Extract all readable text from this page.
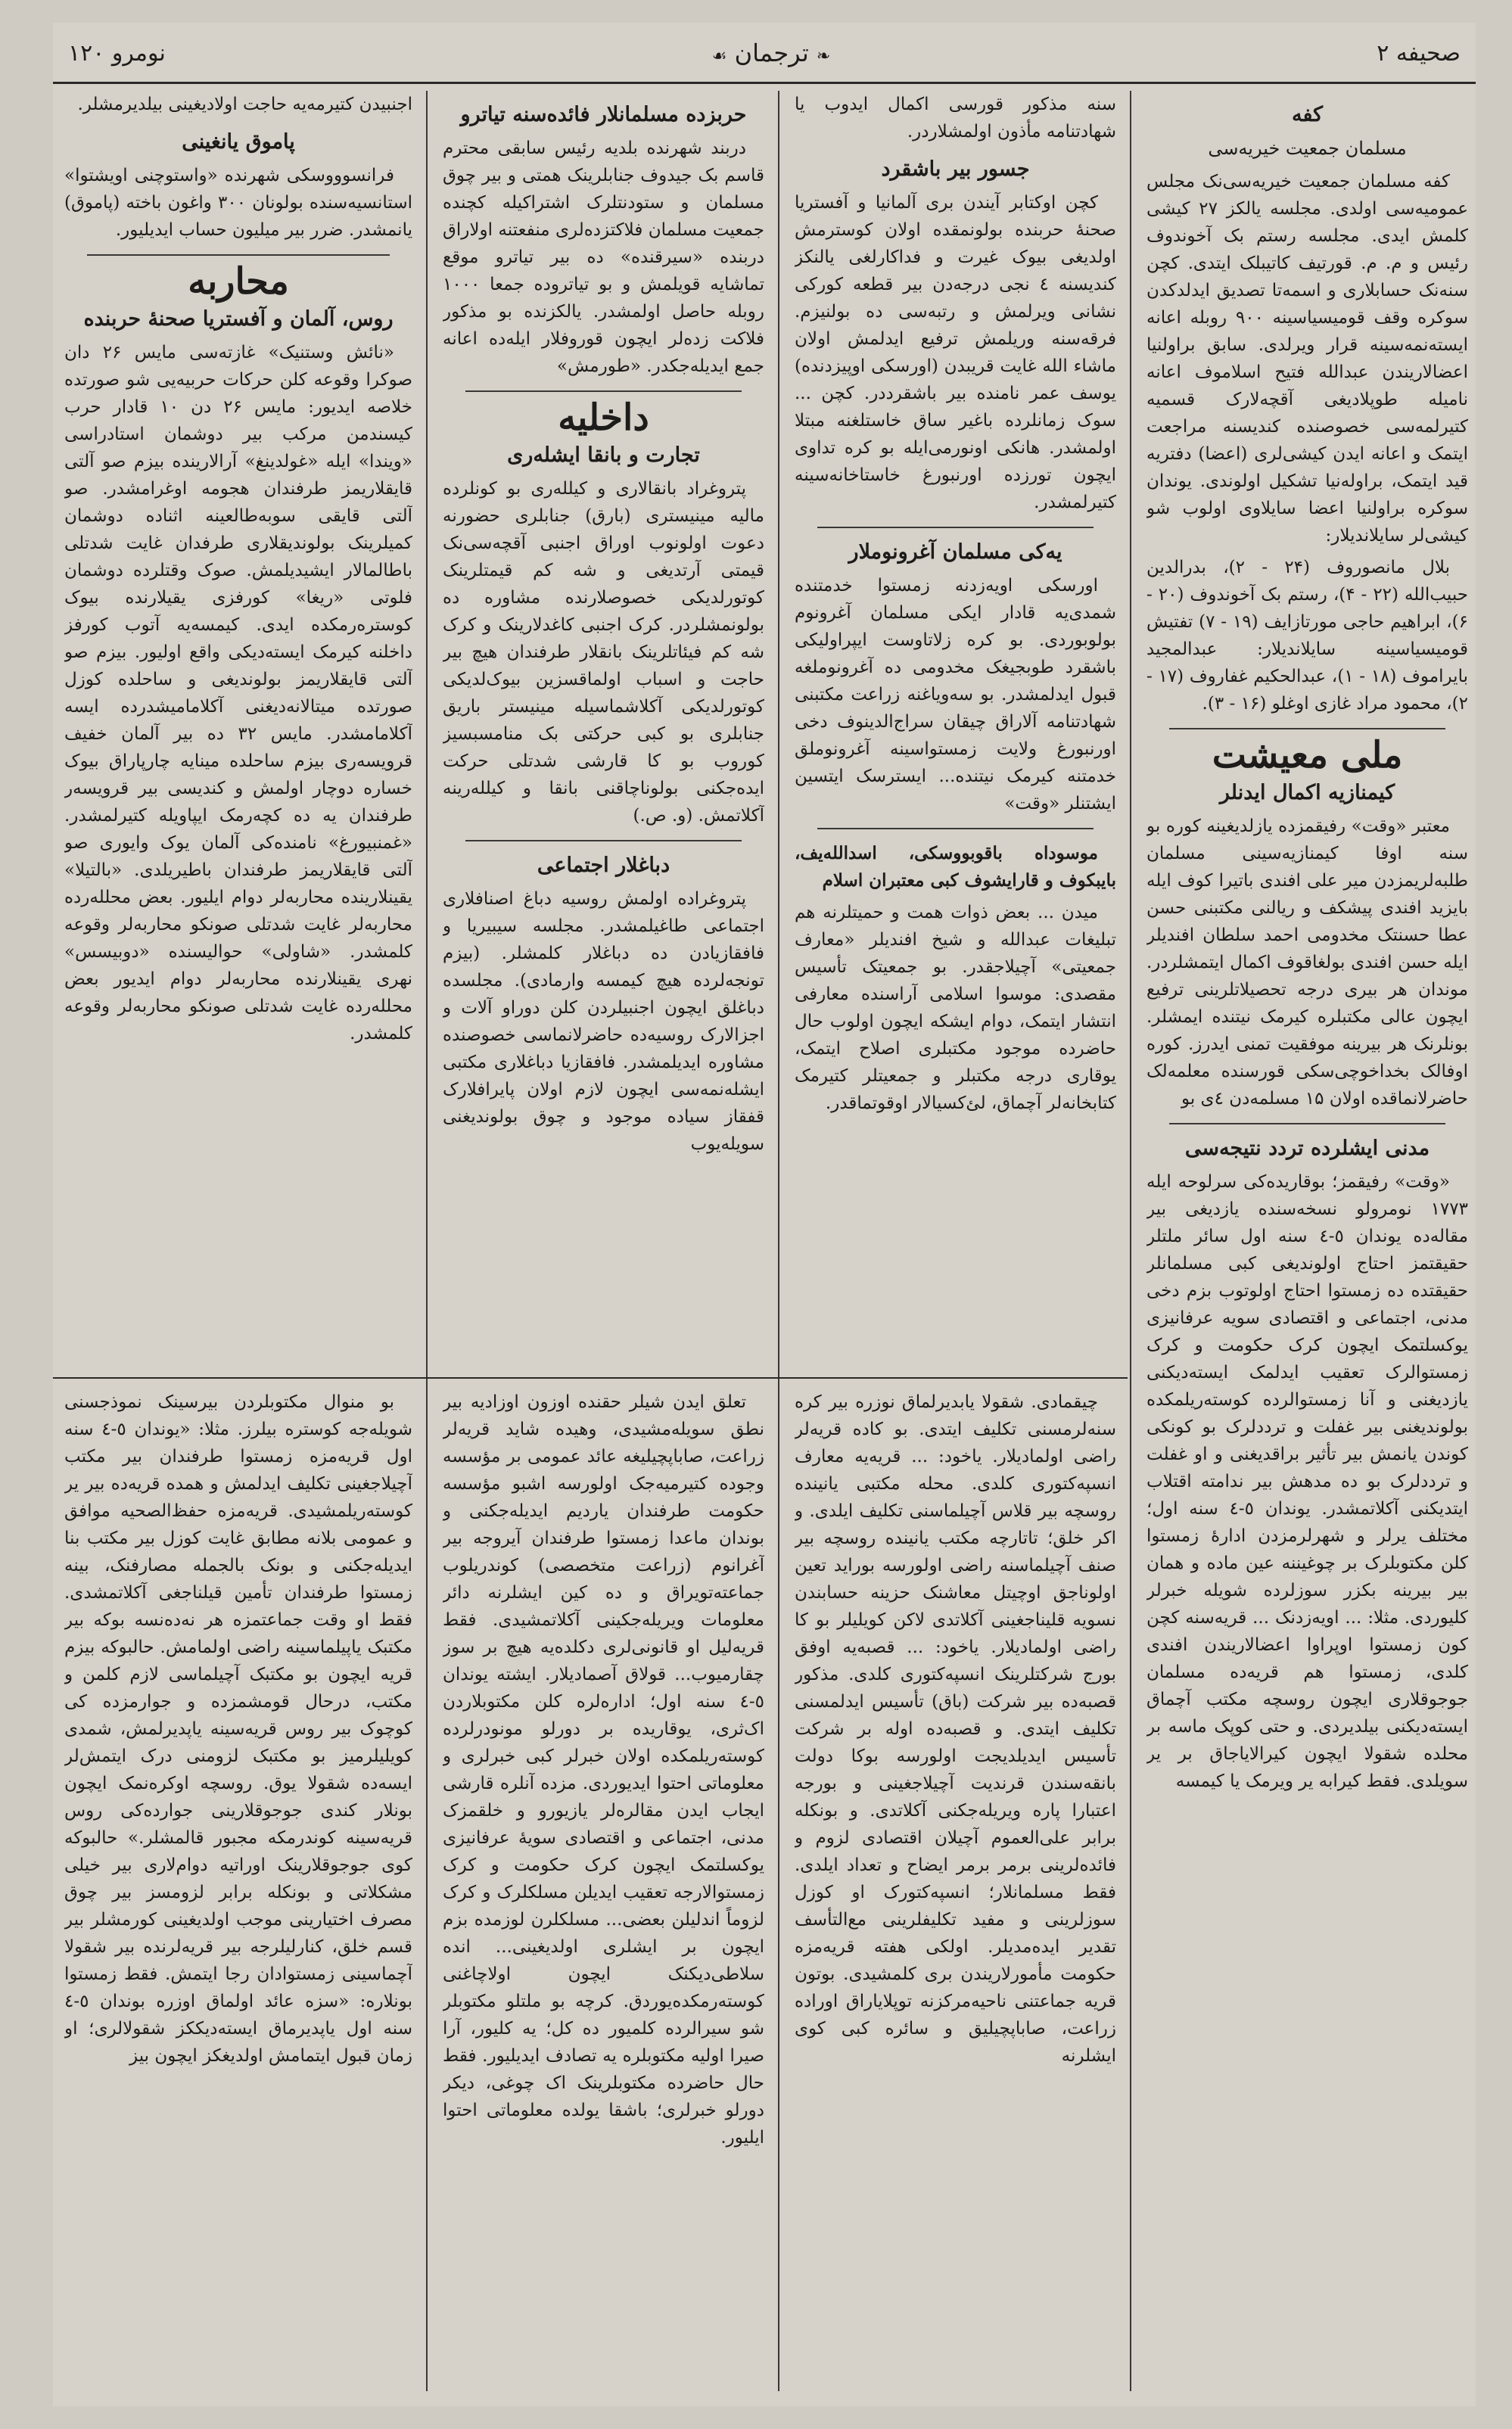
صحیفه ۲
❧ ترجمان ☙
نومرو ۱۲۰
کفه
مسلمان جمعیت خیریه‌سی

کفه مسلمان جمعیت خیریه‌سی‌نک مجلس عمومیه‌سی اولدی. مجلسه یالکز ۲۷ کیشی کلمش ایدی. مجلسه رستم بک آخوندوف رئیس و م. م. قورتیف کاتیبلک ایتدی. کچن سنه‌نک حسابلاری و اسمه‌تا تصدیق ایدلدکدن سوکره وقف قومیسیاسینه ۹۰۰ روبله اعانه ایسته‌نمه‌سینه قرار ویرلدی. سابق براولنیا اعضالاریندن عبدالله فتیح اسلاموف اعانه نامیله طوپلادیغی آقچه‌لارک قسمیه کتیرلمه‌سی خصوصنده کندیسنه مراجعت ایتمک و اعانه ایدن کیشی‌لری (اعضا) دفتریه قید ایتمک، براوله‌نیا تشکیل اولوندی. یوندان سوکره براولنیا اعضا سایلاوی اولوب شو کیشی‌لر سایلاندیلار:

بلال مانصوروف (۲۴ - ۲)، بدرالدین حبیب‌الله (۲۲ - ۴)، رستم بک آخوندوف (۲۰ - ۶)، ابراهیم حاجی مورتازایف (۱۹ - ۷) تفتیش قومیسیاسینه سایلاندیلار: عبدالمجید بایراموف (۱۸ - ۱)، عبدالحکیم غفاروف (۱۷ - ۲)، محمود مراد غازی اوغلو (۱۶ - ۳).

ملی معیشت
کیمنازیه اکمال ایدنلر

معتبر «وقت» رفیقمزده یازلدیغینه کوره بو سنه اوفا کیمنازیه‌سینی مسلمان طلبه‌لریمزدن میر علی افندی باتیرا کوف ایله بایزید افندی پیشکف و ریالنی مکتبنی حسن عطا حسنتک مخدومی احمد سلطان افندیلر ایله حسن افندی بولغاقوف اکمال ایتمشلردر. موندان هر بیری درجه تحصیلاتلرینی ترفیع ایچون عالی مکتبلره کیرمک نیتنده ایمشلر. بونلرنک هر بیرینه موفقیت تمنی ایدرز. کوره اوفالک بخداخوچی‌سکی قورسنده معلمه‌لک حاضرلانماقده اولان ۱۵ مسلمه‌دن ٤ی بو

مدنی ایشلرده تردد نتیجه‌سی

«وقت» رفیقمز؛ بوقاریده‌کی سرلوحه ایله ۱۷۷۳ نومرولو نسخه‌سنده یازدیغی بیر مقاله‌ده یوندان ٥-٤ سنه اول سائر ملتلر حقیقتمز احتاج اولوندیغی کبی مسلمانلر حقیقتده ده زمستوا احتاج اولوتوب بزم دخی مدنی، اجتماعی و اقتصادی سویه عرفانیزی یوکسلتمک ایچون کرک حکومت و کرک زمستوالرک تعقیب ایدلمک ایسته‌دیکنی یازدیغنی و آنا زمستوالرده کوسته‌ریلمکده بولوندیغنی بیر غفلت و ترددلرک بو کونکی کوندن یانمش بیر تأثیر براقدیغنی و او غفلت و ترددلرک بو ده مدهش بیر ندامته اقتلاب ایتدیکنی آکلاتمشدر. یوندان ٥-٤ سنه اول؛ مختلف یرلر و شهرلرمزدن ادارهٔ زمستوا کلن مکتوبلرک بر چوغیننه عین ماده و همان بیر بیرینه بکزر سوزلرده شویله خبرلر کلیوردی. مثلا: ... اویه‌زدنک ... قریه‌سنه کچن کون زمستوا اوپراوا اعضالاریندن افندی کلدی، زمستوا هم قریه‌ده مسلمان جوجوقلاری ایچون روسچه مکتب آچماق ایسته‌دیکنی بیلدیردی. و حتی کوپک ماسه بر محلده شقولا ایچون کیرالایاجاق بر یر سویلدی. فقط کیرابه یر ویرمک یا کیمسه

سنه مذکور قورسی اکمال ایدوب یا شهادتنامه مأذون اولمشلاردر.

جسور بیر باشقرد

کچن اوکتابر آیندن بری آلمانیا و آفستریا صحنهٔ حربنده بولونمقده اولان کوسترمش اولدیغی بیوک غیرت و فداکارلغی یالنکز کندیسنه ٤ نجی درجه‌دن بیر قطعه کورکی نشانی ویرلمش و رتبه‌سی ده بولنیزم. فرقه‌سنه وریلمش ترفیع ایدلمش اولان ماشاء الله غایت قریبدن (اورسکی اوپیزدنده) یوسف عمر نامنده بیر باشقرددر. کچن ... سوک زمانلرده باغیر ساق خاستلغنه مبتلا اولمشدر. هانکی اونورمی‌ایله بو کره تداوی ایچون تورزده اورنبورغ خاستاخانه‌سینه کتیرلمشدر.

یه‌کی مسلمان آغرونوملار

اورسکی اویه‌زدنه زمستوا خدمتنده شمدی‌یه قادار ایکی مسلمان آغرونوم بولوبوردی. بو کره زلاتاوست ایپراولیکی باشقرد طوبجیغک مخدومی ده آغرونوملغه قبول ایدلمشدر. بو سه‌ویاغنه زراعت مکتبنی شهادتنامه آلاراق چیقان سراج‌الدینوف دخی اورنبورغ ولایت زمستواسینه آغرونوملق خدمتنه کیرمک نیتنده... ایسترسک ایتسین ایشتنلر «وقت»

موسوداه باقوبووسکی، اسدالله‌یف، بایبکوف و قارایشوف کبی معتبران اسلام

میدن ... بعض ذوات همت و حمیتلرنه هم تبلیغات عبدالله و شیخ افندیلر «معارف جمعیتی» آچیلاجقدر. بو جمعیتک تأسیس مقصدی: موسوا اسلامی آراسنده معارفی انتشار ایتمک، دوام ایشکه ایچون اولوب حال حاضرده موجود مکتبلری اصلاح ایتمک، یوقاری درجه مکتبلر و جمعیتلر کتیرمک کتابخانه‌لر آچماق، لئ‌کسیالار اوقوتماقدر.

حربزده مسلمانلار فائده‌سنه تیاترو

دربند شهرنده بلدیه رئیس سابقی محترم قاسم بک جیدوف جنابلرینک همتی و بیر چوق مسلمان و ستودنتلرک اشتراکیله کچنده جمعیت مسلمان فلاکتزده‌لری منفعتنه اولاراق دربنده «سیرقنده» ده بیر تیاترو موقع تماشایه قویلمش و بو تیاتروده جمعا ۱۰۰۰ روبله حاصل اولمشدر. یالکزنده بو مذکور فلاکت زده‌لر ایچون قوروفلار ایله‌ده اعانه جمع ایدیله‌جکدر. «طورمش»

داخلیه
تجارت و بانقا ایشله‌ری

پتروغراد بانقالاری و کیلله‌ری بو کونلرده مالیه مینیستری (بارق) جنابلری حضورنه دعوت اولونوب اوراق اجنبی آقچه‌سی‌نک قیمتی آرتدیغی و شه کم قیمتلرینک کوتورلدیکی خصوصلارنده مشاوره ده بولونمشلردر. کرک اجنبی کاغدلارینک و کرک شه کم فیئاتلرینک بانقلار طرفندان هیچ بیر حاجت و اسباب اولماقسزین بیوک‌لدیکی کوتورلدیکی آکلاشماسیله مینیستر باریق جنابلری بو کبی حرکتی بک منامسبسیز کوروب بو کا قارشی شدتلی حرکت ایده‌جکنی بولوناچاقنی بانقا و کیلله‌رینه آکلاتمش. (و. ص.)

دباغلار اجتماعی

پتروغراده اولمش روسیه دباغ اصنافلاری اجتماعی طاغیلمشدر. مجلسه سیبیریا و فافقازیادن ده دباغلار کلمشلر. (بیزم تونجه‌لرده هیچ کیمسه وارمادی). مجلسده دباغلق ایچون اجنبیلردن کلن دوراو آلات و اجزالارک روسیه‌ده حاضرلانماسی خصوصنده مشاوره ایدیلمشدر. فافقازیا دباغلاری مکتبی ایشله‌نمه‌سی ایچون لازم اولان پایرافلارک قفقاز سیاده موجود و چوق بولوندیغنی سویله‌یوب

اجنبیدن کتیرمه‌یه حاجت اولادیغینی بیلدیرمشلر.

پاموق یانغینی

فرانسوووسکی شهرنده «واستوچنی اویشتوا» استانسیه‌سنده بولونان ۳۰۰ واغون باخته (پاموق) یانمشدر. ضرر بیر میلیون حساب ایدیلیور.

محاربه
روس، آلمان و آفستریا صحنهٔ حربنده

«نائش وستنیک» غازته‌سی مایس ۲۶ دان صوکرا وقوعه کلن حرکات حربیه‌یی شو صورتده خلاصه ایدیور: مایس ۲۶ دن ۱۰ قادار حرب کیسندمن مرکب بیر دوشمان استادراسی «ویندا» ایله «غولدینغ» آرالارینده بیزم صو آلتی قایقلاریمز طرفندان هجومه اوغرامشدر. صو آلتی قایقی سوبه‌طالعینه اثناده دوشمان کمیلرینک بولوندیقلاری طرفدان غایت شدتلی باطالمالار ایشیدیلمش. صوک وقتلرده دوشمان فلوتی «ریغا» کورفزی یقیلارنده بیوک کوستره‌رمکده ایدی. کیمسه‌یه آتوب کورفز داخلنه کیرمک ایسته‌دیکی واقع اولیور. بیزم صو آلتی قایقلاریمز بولوندیغی و ساحلده کوزل صورتده میتالانه‌دیغنی آکلامامیشدرده ایسه آکلامامشدر. مایس ۳۲ ده بیر آلمان خفیف قرویسه‌ری بیزم ساحلده مینایه چارپاراق بیوک خساره دوچار اولمش و کندیسی بیر قرویسه‌ر طرفندان یه ده کچه‌رمک ایپاویله کتیرلمشدر. «غمنبیورغ» نامنده‌کی آلمان یوک وایوری صو آلتی قایقلاریمز طرفندان باطیریلدی. «بالتیلا» یقینلارینده محاربه‌لر دوام ایلیور. بعض محلله‌رده محاربه‌لر غایت شدتلی صونکو محاربه‌لر وقوعه کلمشدر. «شاولی» حوالیسنده «دوبیسس» نهری یقینلارنده محاربه‌لر دوام ایدیور بعض محلله‌رده غایت شدتلی صونکو محاربه‌لر وقوعه کلمشدر.

چیقمادی. شقولا یابدیرلماق نوزره بیر کره سنه‌لرمسنی تکلیف ایتدی. بو کاده قریه‌لر راضی اولمادیلار. یاخود: ... قریه‌یه معارف انسپه‌کتوری کلدی. محله مکتبی یانینده روسچه بیر قلاس آچیلماسنی تکلیف ایلدی. و اکر خلق؛ تاتارچه مکتب یانینده روسچه بیر صنف آچیلماسنه راضی اولورسه بوراید تعین اولوناجق اوچیتل معاشنک حزینه حسابندن نسویه قلیناجغینی آکلاتدی لاکن کویلیلر بو کا راضی اولمادیلار. یاخود: ... قصبه‌یه اوفق بورج شرکتلرینک انسپه‌کتوری کلدی. مذکور قصبه‌ده بیر شرکت (باق) تأسیس ایدلمسنی تکلیف ایتدی. و قصبه‌ده اوله بر شرکت تأسیس ایدیلدیجت اولورسه بوکا دولت بانقه‌سندن قرندیت آچیلاجغینی و بورجه اعتبارا پاره ویریله‌جکنی آکلاتدی. و بونکله برابر علی‌العموم آچیلان اقتصادی لزوم و فائده‌لرینی برمر برمر ایضاح و تعداد ایلدی. فقط مسلمانلار؛ انسپه‌کتورک او کوزل سوزلرینی و مفید تکلیفلرینی مع‌التأسف تقدیر ایده‌مدیلر. اولکی هفته قریه‌مزه حکومت مأمورلاریندن بری کلمشیدی. بوتون قریه جماعتنی ناحیه‌مرکزنه توپلایاراق اوراده زراعت، صاباپچیلیق و سائره کبی کوی ایشلرنه

تعلق ایدن شیلر حقنده اوزون اوزادیه بیر نطق سویله‌مشیدی، وهیده شاید قریه‌لر زراعت، صاباپچیلیغه عائد عمومی بر مؤسسه وجوده کتیرمیه‌جک اولورسه اشبو مؤسسه حکومت طرفندان یاردیم ایدیله‌جکنی و بوندان ماعدا زمستوا طرفندان آیروجه بیر آغرانوم (زراعت متخصصی) کوندریلوب جماعته‌تویراق و ده کین ایشلرنه دائر معلومات ویریله‌جکینی آکلاتمشیدی. فقط قریه‌لیل او قانونی‌لری دکلده‌یه هیچ بر سوز چقارمیوب... قولاق آصمادیلار. ایشته یوندان ٥-٤ سنه اول؛ اداره‌لره کلن مکتوبلاردن اک‌ثری، یوقاریده بر دورلو مونودرلرده کوسته‌ریلمکده اولان خبرلر کبی خبرلری و معلوماتی احتوا ایدیوردی. مزده آنلره قارشی ایجاب ایدن مقالره‌لر یازیورو و خلقمزک مدنی، اجتماعی و اقتصادی سویهٔ عرفانیزی یوکسلتمک ایچون کرک حکومت و کرک زمستوالارجه تعقیب ایدیلن مسلکلرک و کرک لزوماً اندلیلن بعضی... مسلکلرن لوزمده بزم ایچون بر ایشلری اولدیغینی... انده سلاطی‌دیکنک ایچون اولاچاغنی کوسته‌رمکده‌یوردق. کرچه بو ملتلو مکتوبلر شو سیرالرده کلمیور ده کل؛ یه کلیور، آرا صیرا اولیه مکتوبلره یه تصادف ایدیلیور. فقط حال حاضرده مکتوبلرینک اک چوغی، دیکر دورلو خبرلری؛ باشقا یولده معلوماتی احتوا ایلیور.

بو منوال مکتوبلردن بیرسینک نموذجسنی شویله‌جه کوستره بیلرز. مثلا: «یوندان ٥-٤ سنه اول قریه‌مزه زمستوا طرفندان بیر مکتب آچیلاجغینی تکلیف ایدلمش و همده قریه‌ده بیر یر کوسته‌ریلمشیدی. قریه‌مزه حفظ‌الصحیه موافق و عمومی بلانه مطابق غایت کوزل بیر مکتب بنا ایدیله‌جکنی و بونک بالجمله مصارفنک، بینه زمستوا طرفندان تأمین قیلناجغی آکلاتمشدی. فقط او وقت جماعتمزه هر نه‌ده‌نسه بوکه بیر مکتبک یاپیلماسینه راضی اولمامش. حالبوکه بیزم قریه ایچون بو مکتبک آچیلماسی لازم کلمن و مکتب، درحال قومشمزده و جوارمزده کی کوچوک بیر روس قریه‌سینه یاپدیرلمش، شمدی کویلیلرمیز بو مکتبک لزومنی درک ایتمش‌لر ایسه‌ده شقولا یوق. روسچه اوکره‌نمک ایچون بونلار کندی جوجوقلارینی جوارده‌کی روس قریه‌سینه کوندرمکه مجبور قالمشلر.» حالبوکه کوی جوجوقلارینک اوراتیه دوام‌لاری بیر خیلی مشکلاتی و بونکله برابر لزومسز بیر چوق مصرف اختیارینی موجب اولدیغینی کورمشلر بیر قسم خلق، کنارلیلرجه بیر قریه‌لرنده بیر شقولا آچماسینی زمستوادان رجا ایتمش. فقط زمستوا بونلاره: «سزه عائد اولماق اوزره بوندان ٥-٤ سنه اول یاپدیرماق ایسته‌دیککز شقولالری؛ او زمان قبول ایتمامش اولدیغکز ایچون بیز
